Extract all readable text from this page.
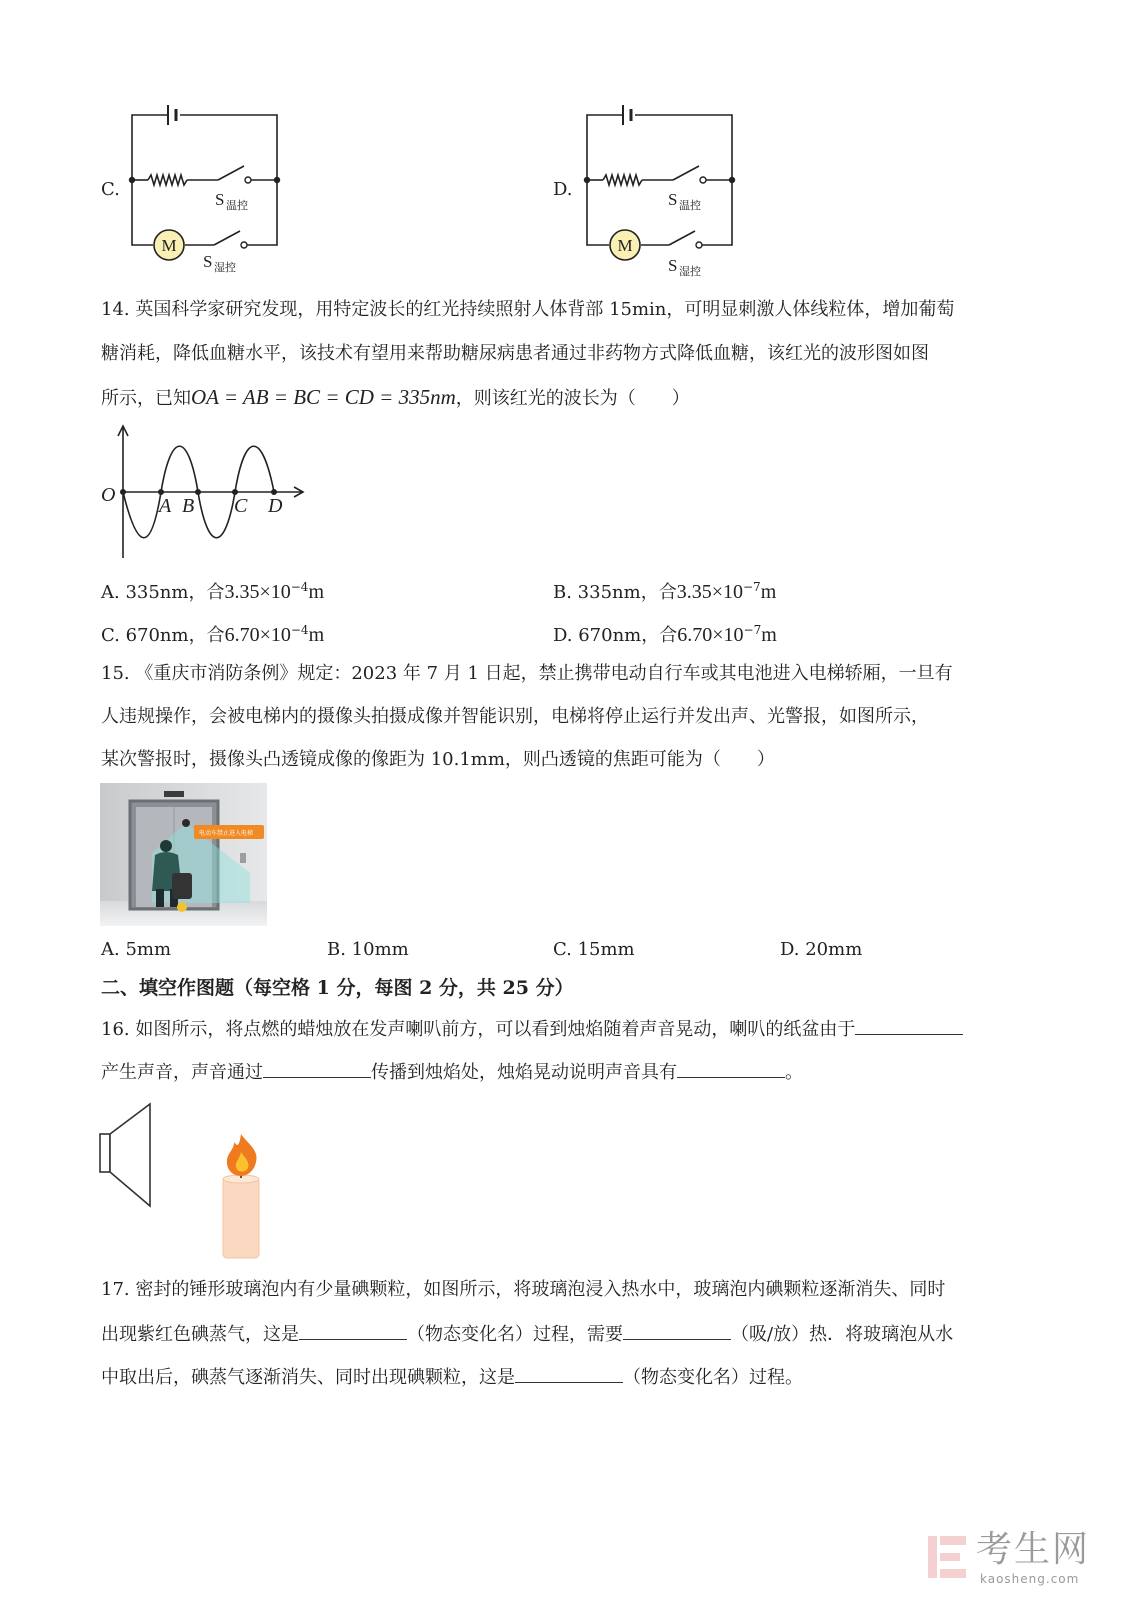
C.	D.
M
S 温控
S 湿控
M
S 温控
S 湿控
14. 英国科学家研究发现，用特定波长的红光持续照射人体背部 15min，可明显刺激人体线粒体，增加葡萄
糖消耗，降低血糖水平，该技术有望用来帮助糖尿病患者通过非药物方式降低血糖，该红光的波形图如图
所示，已知OA = AB = BC = CD = 335nm，则该红光的波长为（　　）
O A B C D
A. 335nm，合$3.35\times 10^{-4}m$	B. 335nm，合$3.35\times 10^{-7}m$
C. 670nm，合$6.70\times 10^{-4}m$	D. 670nm，合$6.70\times 10^{-7}m$
15. 《重庆市消防条例》规定：2023 年 7 月 1 日起，禁止携带电动自行车或其电池进入电梯轿厢，一旦有
人违规操作，会被电梯内的摄像头拍摄成像并智能识别，电梯将停止运行并发出声、光警报，如图所示，
某次警报时，摄像头凸透镜成像的像距为 10.1mm，则凸透镜的焦距可能为（　　）
电动车禁止进入电梯
A. 5mm	B. 10mm	C. 15mm	D. 20mm
二、填空作图题（每空格 1 分，每图 2 分，共 25 分）
16. 如图所示，将点燃的蜡烛放在发声喇叭前方，可以看到烛焰随着声音晃动，喇叭的纸盆由于
产生声音，声音通过	传播到烛焰处，烛焰晃动说明声音具有	。
17. 密封的锤形玻璃泡内有少量碘颗粒，如图所示，将玻璃泡浸入热水中，玻璃泡内碘颗粒逐渐消失、同时
出现紫红色碘蒸气，这是	（物态变化名）过程，需要	（吸/放）热．将玻璃泡从水
中取出后，碘蒸气逐渐消失、同时出现碘颗粒，这是	（物态变化名）过程。
考生网
kaosheng.com
